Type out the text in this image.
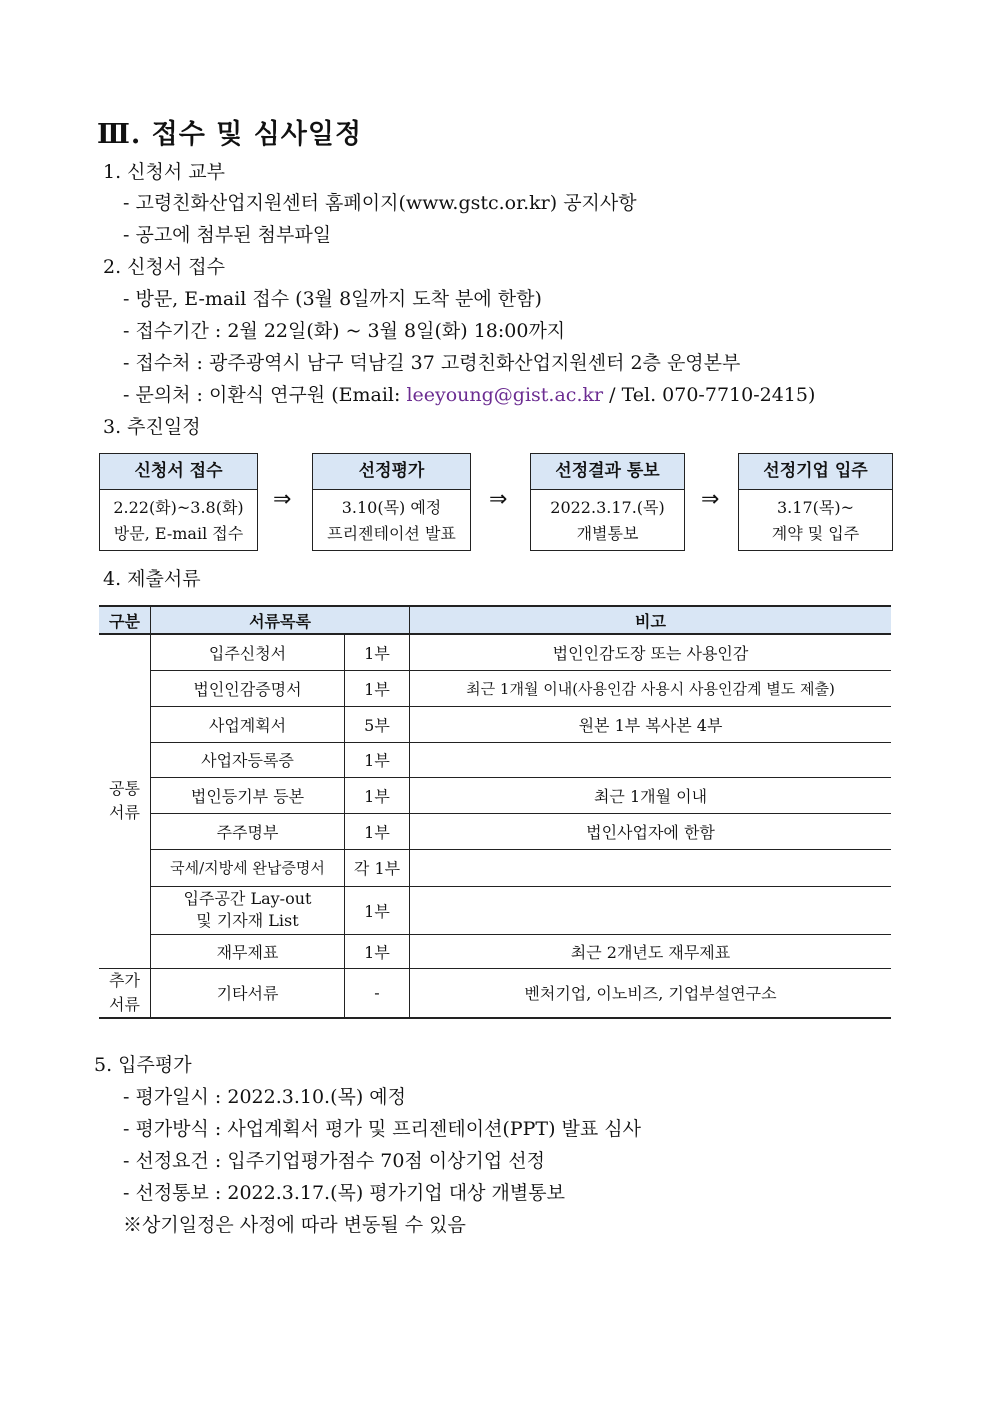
Ⅲ. 접수 및 심사일정
1. 신청서 교부
- 고령친화산업지원센터 홈페이지(www.gstc.or.kr) 공지사항
- 공고에 첨부된 첨부파일
2. 신청서 접수
- 방문, E-mail 접수 (3월 8일까지 도착 분에 한함)
- 접수기간 : 2월 22일(화) ~ 3월 8일(화) 18:00까지
- 접수처 : 광주광역시 남구 덕남길 37 고령친화산업지원센터 2층 운영본부
- 문의처 : 이환식 연구원 (Email: leeyoung@gist.ac.kr / Tel. 070-7710-2415)
3. 추진일정
신청서 접수
2.22(화)~3.8(화)
방문, E-mail 접수
⇒
선정평가
3.10(목) 예정
프리젠테이션 발표
⇒
선정결과 통보
2022.3.17.(목)
개별통보
⇒
선정기업 입주
3.17(목)~
계약 및 입주
4. 제출서류
구분	서류목록		비고
공통
서류	입주신청서	1부	법인인감도장 또는 사용인감
	법인인감증명서	1부	최근 1개월 이내(사용인감 사용시 사용인감계 별도 제출)
	사업계획서	5부	원본 1부 복사본 4부
	사업자등록증	1부	
	법인등기부 등본	1부	최근 1개월 이내
	주주명부	1부	법인사업자에 한함
	국세/지방세 완납증명서	각 1부	
	입주공간 Lay-out
및 기자재 List	1부	
	재무제표	1부	최근 2개년도 재무제표
추가
서류	기타서류	-	벤처기업, 이노비즈, 기업부설연구소
5. 입주평가
- 평가일시 : 2022.3.10.(목) 예정
- 평가방식 : 사업계획서 평가 및 프리젠테이션(PPT) 발표 심사
- 선정요건 : 입주기업평가점수 70점 이상기업 선정
- 선정통보 : 2022.3.17.(목) 평가기업 대상 개별통보
※상기일정은 사정에 따라 변동될 수 있음
